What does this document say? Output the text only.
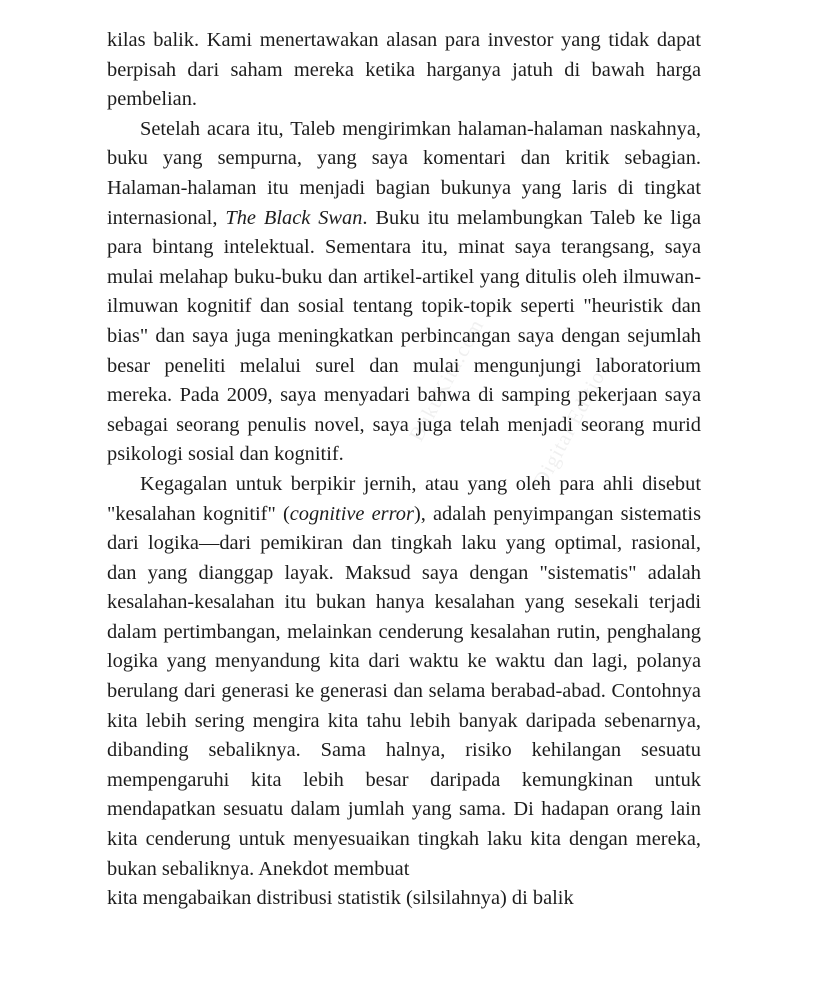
BukuKita.com Digital Edition

kilas balik. Kami menertawakan alasan para investor yang tidak dapat berpisah dari saham mereka ketika harganya jatuh di bawah harga pembelian.

Setelah acara itu, Taleb mengirimkan halaman-halaman naskahnya, buku yang sempurna, yang saya komentari dan kritik sebagian. Halaman-halaman itu menjadi bagian bukunya yang laris di tingkat internasional, The Black Swan. Buku itu melambungkan Taleb ke liga para bintang intelektual. Sementara itu, minat saya terangsang, saya mulai melahap buku-buku dan artikel-artikel yang ditulis oleh ilmuwan-ilmuwan kognitif dan sosial tentang topik-topik seperti "heuristik dan bias" dan saya juga meningkatkan perbincangan saya dengan sejumlah besar peneliti melalui surel dan mulai mengunjungi laboratorium mereka. Pada 2009, saya menyadari bahwa di samping pekerjaan saya sebagai seorang penulis novel, saya juga telah menjadi seorang murid psikologi sosial dan kognitif.

Kegagalan untuk berpikir jernih, atau yang oleh para ahli disebut "kesalahan kognitif" (cognitive error), adalah penyimpangan sistematis dari logika—dari pemikiran dan tingkah laku yang optimal, rasional, dan yang dianggap layak. Maksud saya dengan "sistematis" adalah kesalahan-kesalahan itu bukan hanya kesalahan yang sesekali terjadi dalam pertimbangan, melainkan cenderung kesalahan rutin, penghalang logika yang menyandung kita dari waktu ke waktu dan lagi, polanya berulang dari generasi ke generasi dan selama berabad-abad. Contohnya kita lebih sering mengira kita tahu lebih banyak daripada sebenarnya, dibanding sebaliknya. Sama halnya, risiko kehilangan sesuatu mempengaruhi kita lebih besar daripada kemungkinan untuk mendapatkan sesuatu dalam jumlah yang sama. Di hadapan orang lain kita cenderung untuk menyesuaikan tingkah laku kita dengan mereka, bukan sebaliknya. Anekdot membuat

kita mengabaikan distribusi statistik (silsilahnya) di balik
